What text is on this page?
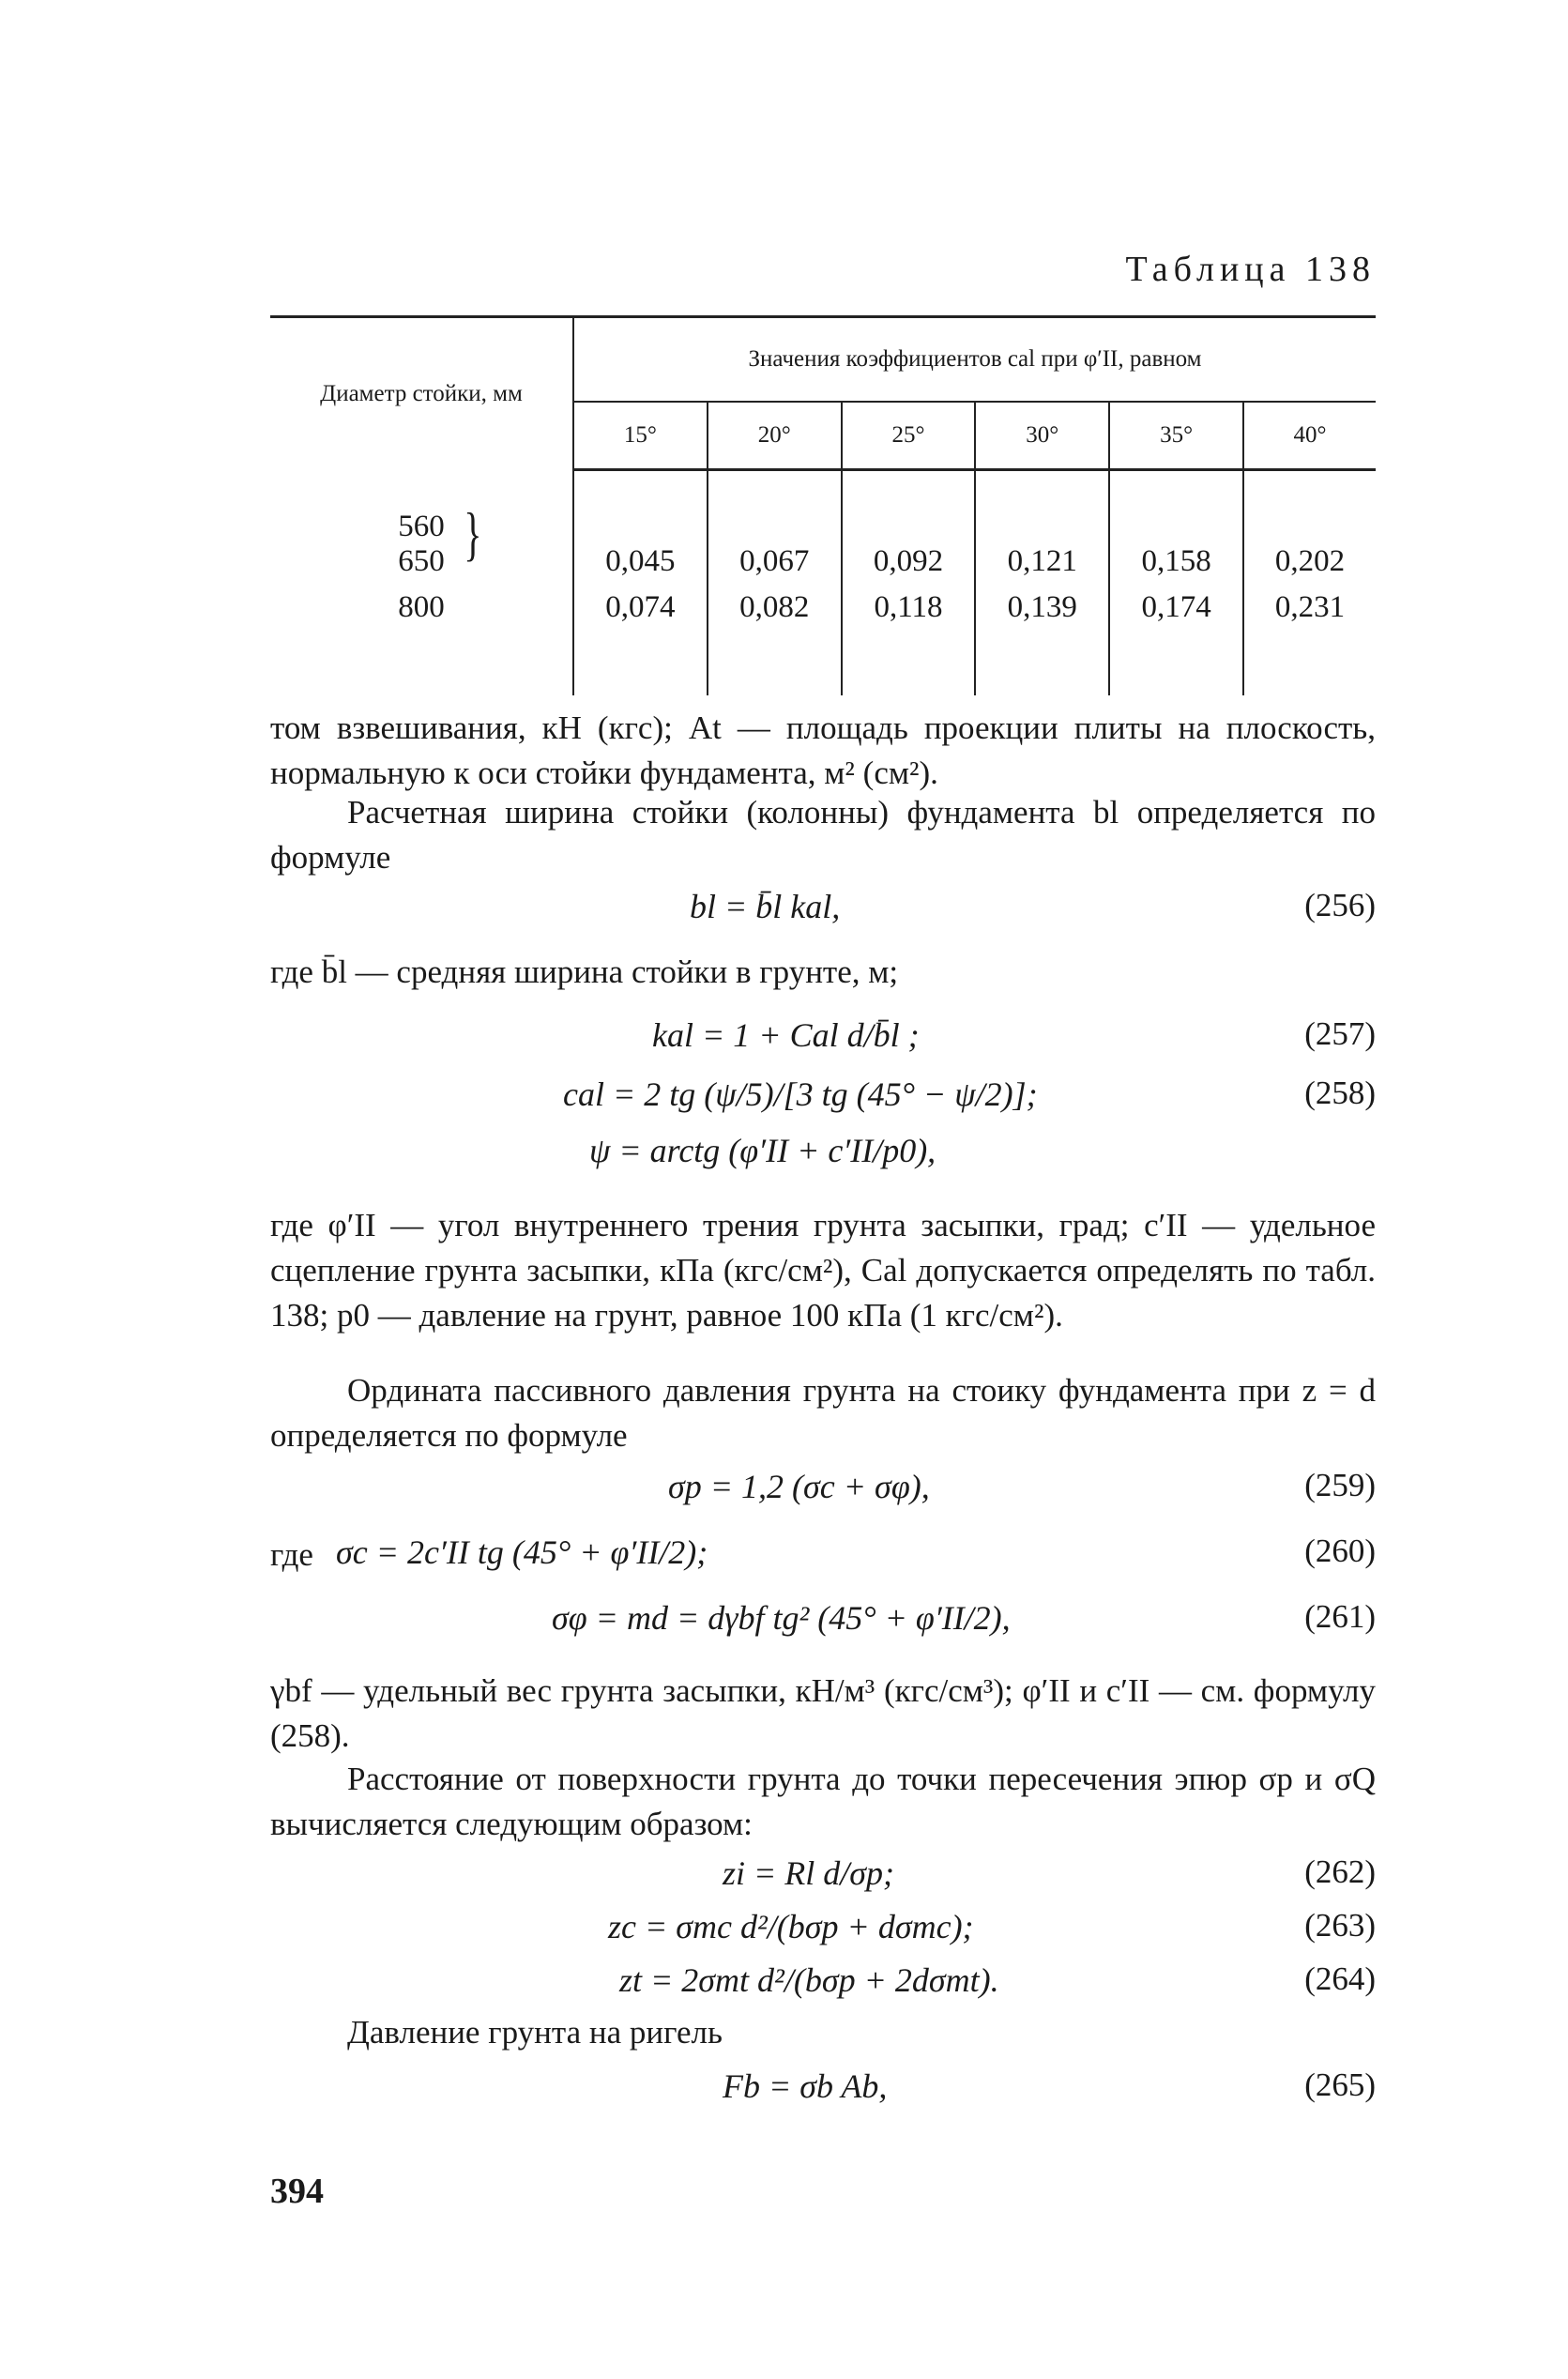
Таблица 138
Диаметр стойки, мм	Значения коэффициентов cal при φ′II, равном					
	15°	20°	25°	30°	35°	40°
560
650 }	0,045	0,067	0,092	0,121	0,158	0,202
800	0,074	0,082	0,118	0,139	0,174	0,231

том взвешивания, кН (кгс); At — площадь проекции плиты на плоскость, нормальную к оси стойки фундамента, м² (см²).
Расчетная ширина стойки (колонны) фундамента bl определяется по формуле
bl = b̄l kal,	(256)
где b̄l — средняя ширина стойки в грунте, м;
kal = 1 + Cal d/b̄l ;	(257)
cal = 2 tg (ψ/5)/[3 tg (45° − ψ/2)];	(258)
ψ = arctg (φ′II + c′II/p0),
где φ′II — угол внутреннего трения грунта засыпки, град; c′II — удельное сцепление грунта засыпки, кПа (кгс/см²), Cal допускается определять по табл. 138; p0 — давление на грунт, равное 100 кПа (1 кгс/см²).
Ордината пассивного давления грунта на стоику фундамента при z = d определяется по формуле
σp = 1,2 (σc + σφ),	(259)
где σc = 2c′II tg (45° + φ′II/2);	(260)
σφ = md = dγbf tg² (45° + φ′II/2),	(261)
γbf — удельный вес грунта засыпки, кН/м³ (кгс/см³); φ′II и c′II — см. формулу (258).
Расстояние от поверхности грунта до точки пересечения эпюр σp и σQ вычисляется следующим образом:
zi = Rl d/σp;	(262)
zc = σmc d²/(bσp + dσmc);	(263)
zt = 2σmt d²/(bσp + 2dσmt).	(264)
Давление грунта на ригель
Fb = σb Ab,	(265)
394
